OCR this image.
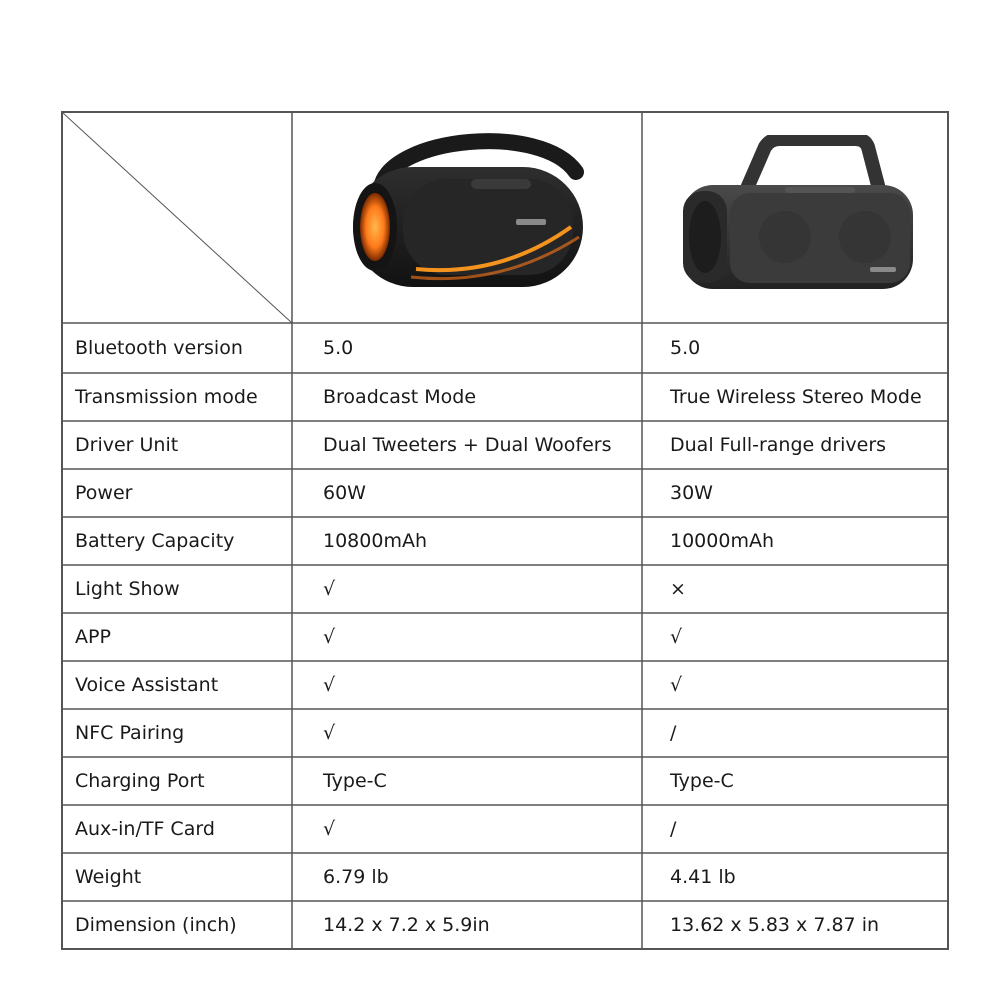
Bluetooth version	5.0	5.0
Transmission mode	Broadcast Mode	True Wireless Stereo Mode
Driver Unit	Dual Tweeters + Dual Woofers	Dual Full-range drivers
Power	60W	30W
Battery Capacity	10800mAh	10000mAh
Light Show	√	×
APP	√	√
Voice Assistant	√	√
NFC Pairing	√	/
Charging Port	Type-C	Type-C
Aux-in/TF Card	√	/
Weight	6.79 lb	4.41 lb
Dimension (inch)	14.2 x 7.2 x 5.9in	13.62 x 5.83 x 7.87 in
